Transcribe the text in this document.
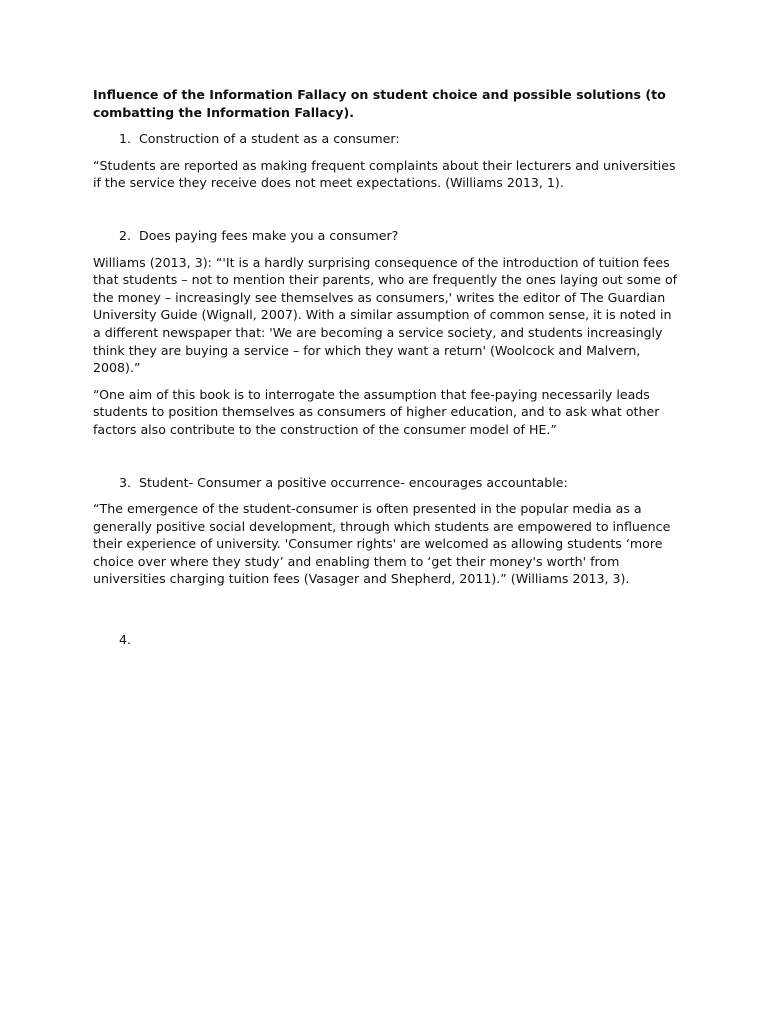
Influence of the Information Fallacy on student choice and possible solutions (to combatting the Information Fallacy).
1. Construction of a student as a consumer:

“Students are reported as making frequent complaints about their lecturers and universities if the service they receive does not meet expectations. (Williams 2013, 1).

2. Does paying fees make you a consumer?

Williams (2013, 3): “'It is a hardly surprising consequence of the introduction of tuition fees that students – not to mention their parents, who are frequently the ones laying out some of the money – increasingly see themselves as consumers,' writes the editor of The Guardian University Guide (Wignall, 2007). With a similar assumption of common sense, it is noted in a different newspaper that: 'We are becoming a service society, and students increasingly think they are buying a service – for which they want a return' (Woolcock and Malvern, 2008).”

“One aim of this book is to interrogate the assumption that fee-paying necessarily leads students to position themselves as consumers of higher education, and to ask what other factors also contribute to the construction of the consumer model of HE.”

3. Student- Consumer a positive occurrence- encourages accountable:

“The emergence of the student-consumer is often presented in the popular media as a generally positive social development, through which students are empowered to influence their experience of university. 'Consumer rights' are welcomed as allowing students ‘more choice over where they study’ and enabling them to ‘get their money's worth' from universities charging tuition fees (Vasager and Shepherd, 2011).” (Williams 2013, 3).

4.
